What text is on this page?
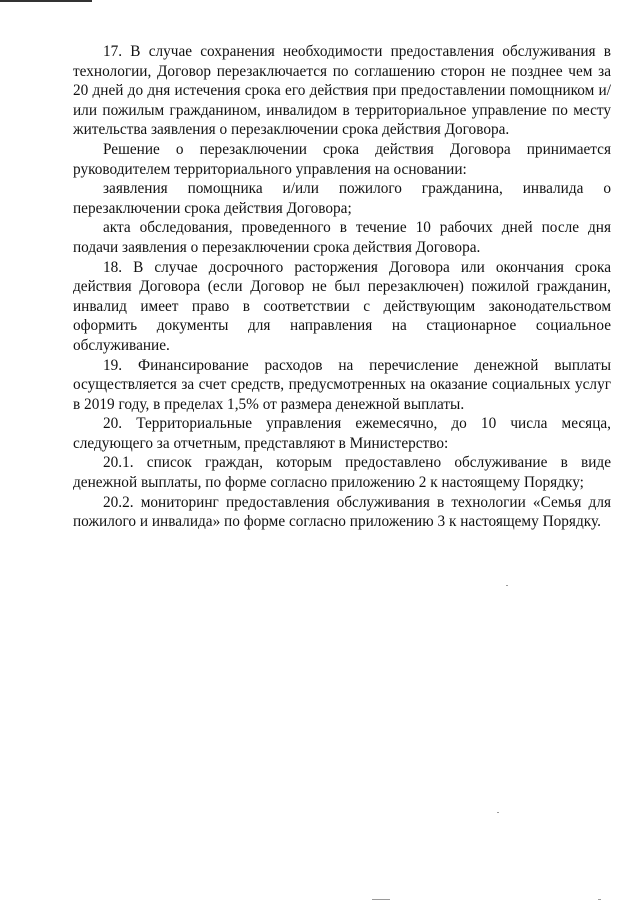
17. В случае сохранения необходимости предоставления обслуживания в технологии, Договор перезаключается по соглашению сторон не позднее чем за 20 дней до дня истечения срока его действия при предоставлении помощником и/или пожилым гражданином, инвалидом в территориальное управление по месту жительства заявления о перезаключении срока действия Договора.

Решение о перезаключении срока действия Договора принимается руководителем территориального управления на основании:

заявления помощника и/или пожилого гражданина, инвалида о перезаключении срока действия Договора;

акта обследования, проведенного в течение 10 рабочих дней после дня подачи заявления о перезаключении срока действия Договора.

18. В случае досрочного расторжения Договора или окончания срока действия Договора (если Договор не был перезаключен) пожилой гражданин, инвалид имеет право в соответствии с действующим законодательством оформить документы для направления на стационарное социальное обслуживание.

19. Финансирование расходов на перечисление денежной выплаты осуществляется за счет средств, предусмотренных на оказание социальных услуг в 2019 году, в пределах 1,5% от размера денежной выплаты.

20. Территориальные управления ежемесячно, до 10 числа месяца, следующего за отчетным, представляют в Министерство:

20.1. список граждан, которым предоставлено обслуживание в виде денежной выплаты, по форме согласно приложению 2 к настоящему Порядку;

20.2. мониторинг предоставления обслуживания в технологии «Семья для пожилого и инвалида» по форме согласно приложению 3 к настоящему Порядку.
